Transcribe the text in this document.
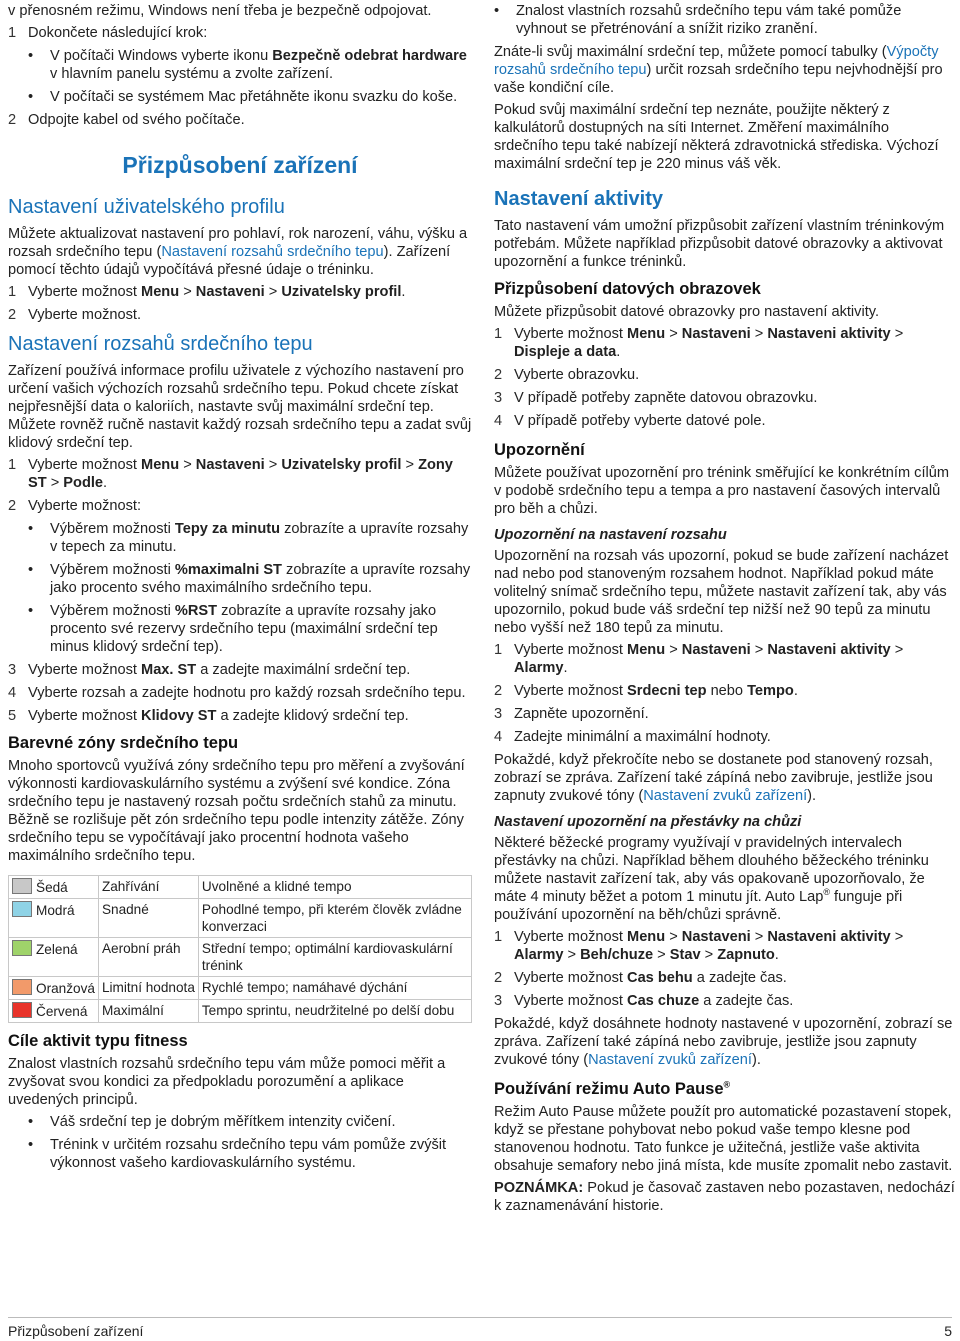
v přenosném režimu, Windows není třeba je bezpečně odpojovat.

1 Dokončete následující krok:
•	V počítači Windows vyberte ikonu Bezpečně odebrat hardware v hlavním panelu systému a zvolte zařízení.
•	V počítači se systémem Mac přetáhněte ikonu svazku do koše.
2 Odpojte kabel od svého počítače.
Přizpůsobení zařízení
Nastavení uživatelského profilu

Můžete aktualizovat nastavení pro pohlaví, rok narození, váhu, výšku a rozsah srdečního tepu (Nastavení rozsahů srdečního tepu). Zařízení pomocí těchto údajů vypočítává přesné údaje o tréninku.

1 Vyberte možnost Menu > Nastaveni > Uzivatelsky profil.
2 Vyberte možnost.
Nastavení rozsahů srdečního tepu

Zařízení používá informace profilu uživatele z výchozího nastavení pro určení vašich výchozích rozsahů srdečního tepu. Pokud chcete získat nejpřesnější data o kaloriích, nastavte svůj maximální srdeční tep. Můžete rovněž ručně nastavit každý rozsah srdečního tepu a zadat svůj klidový srdeční tep.

1 Vyberte možnost Menu > Nastaveni > Uzivatelsky profil > Zony ST > Podle.
2 Vyberte možnost:
•	Výběrem možnosti Tepy za minutu zobrazíte a upravíte rozsahy v tepech za minutu.
•	Výběrem možnosti %maximalni ST zobrazíte a upravíte rozsahy jako procento svého maximálního srdečního tepu.
•	Výběrem možnosti %RST zobrazíte a upravíte rozsahy jako procento své rezervy srdečního tepu (maximální srdeční tep minus klidový srdeční tep).
3 Vyberte možnost Max. ST a zadejte maximální srdeční tep.
4 Vyberte rozsah a zadejte hodnotu pro každý rozsah srdečního tepu.
5 Vyberte možnost Klidovy ST a zadejte klidový srdeční tep.
Barevné zóny srdečního tepu

Mnoho sportovců využívá zóny srdečního tepu pro měření a zvyšování výkonnosti kardiovaskulárního systému a zvýšení své kondice. Zóna srdečního tepu je nastavený rozsah počtu srdečních stahů za minutu. Běžně se rozlišuje pět zón srdečního tepu podle intenzity zátěže. Zóny srdečního tepu se vypočítávají jako procentní hodnota vašeho maximálního srdečního tepu.

Šedá	Zahřívání	Uvolněné a klidné tempo
Modrá	Snadné	Pohodlné tempo, při kterém člověk zvládne konverzaci
Zelená	Aerobní práh	Střední tempo; optimální kardiovaskulární trénink
Oranžová	Limitní hodnota	Rychlé tempo; namáhavé dýchání
Červená	Maximální	Tempo sprintu, neudržitelné po delší dobu
Cíle aktivit typu fitness

Znalost vlastních rozsahů srdečního tepu vám může pomoci měřit a zvyšovat svou kondici za předpokladu porozumění a aplikace uvedených principů.

•	Váš srdeční tep je dobrým měřítkem intenzity cvičení.
•	Trénink v určitém rozsahu srdečního tepu vám pomůže zvýšit výkonnost vašeho kardiovaskulárního systému.
•	Znalost vlastních rozsahů srdečního tepu vám také pomůže vyhnout se přetrénování a snížit riziko zranění.

Znáte-li svůj maximální srdeční tep, můžete pomocí tabulky (Výpočty rozsahů srdečního tepu) určit rozsah srdečního tepu nejvhodnější pro vaše kondiční cíle.

Pokud svůj maximální srdeční tep neznáte, použijte některý z kalkulátorů dostupných na síti Internet. Změření maximálního srdečního tepu také nabízejí některá zdravotnická střediska. Výchozí maximální srdeční tep je 220 minus váš věk.

Nastavení aktivity

Tato nastavení vám umožní přizpůsobit zařízení vlastním tréninkovým potřebám. Můžete například přizpůsobit datové obrazovky a aktivovat upozornění a funkce tréninků.

Přizpůsobení datových obrazovek

Můžete přizpůsobit datové obrazovky pro nastavení aktivity.

1 Vyberte možnost Menu > Nastaveni > Nastaveni aktivity > Displeje a data.
2 Vyberte obrazovku.
3 V případě potřeby zapněte datovou obrazovku.
4 V případě potřeby vyberte datové pole.
Upozornění

Můžete používat upozornění pro trénink směřující ke konkrétním cílům v podobě srdečního tepu a tempa a pro nastavení časových intervalů pro běh a chůzi.

Upozornění na nastavení rozsahu

Upozornění na rozsah vás upozorní, pokud se bude zařízení nacházet nad nebo pod stanoveným rozsahem hodnot. Například pokud máte volitelný snímač srdečního tepu, můžete nastavit zařízení tak, aby vás upozornilo, pokud bude váš srdeční tep nižší než 90 tepů za minutu nebo vyšší než 180 tepů za minutu.

1 Vyberte možnost Menu > Nastaveni > Nastaveni aktivity > Alarmy.
2 Vyberte možnost Srdecni tep nebo Tempo.
3 Zapněte upozornění.
4 Zadejte minimální a maximální hodnoty.

Pokaždé, když překročíte nebo se dostanete pod stanovený rozsah, zobrazí se zpráva. Zařízení také zápíná nebo zavibruje, jestliže jsou zapnuty zvukové tóny (Nastavení zvuků zařízení).

Nastavení upozornění na přestávky na chůzi

Některé běžecké programy využívají v pravidelných intervalech přestávky na chůzi. Například během dlouhého běžeckého tréninku můžete nastavit zařízení tak, aby vás opakovaně upozorňovalo, že máte 4 minuty běžet a potom 1 minutu jít. Auto Lap® funguje při používání upozornění na běh/chůzi správně.

1 Vyberte možnost Menu > Nastaveni > Nastaveni aktivity > Alarmy > Beh/chuze > Stav > Zapnuto.
2 Vyberte možnost Cas behu a zadejte čas.
3 Vyberte možnost Cas chuze a zadejte čas.

Pokaždé, když dosáhnete hodnoty nastavené v upozornění, zobrazí se zpráva. Zařízení také zápíná nebo zavibruje, jestliže jsou zapnuty zvukové tóny (Nastavení zvuků zařízení).

Používání režimu Auto Pause®

Režim Auto Pause můžete použít pro automatické pozastavení stopek, když se přestane pohybovat nebo pokud vaše tempo klesne pod stanovenou hodnotu. Tato funkce je užitečná, jestliže vaše aktivita obsahuje semafory nebo jiná místa, kde musíte zpomalit nebo zastavit.

POZNÁMKA: Pokud je časovač zastaven nebo pozastaven, nedochází k zaznamenávání historie.

Přizpůsobení zařízení	5
